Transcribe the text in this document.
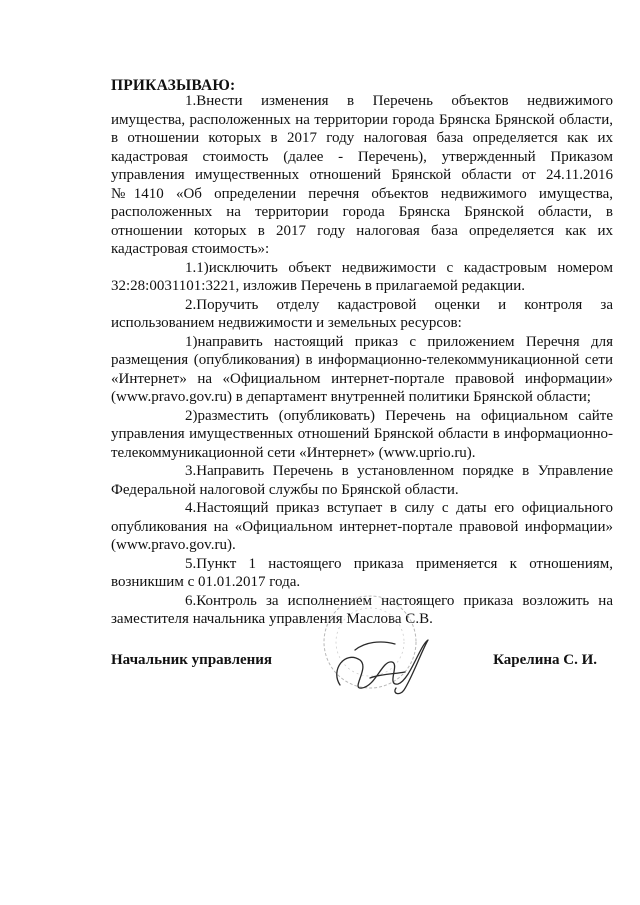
ПРИКАЗЫВАЮ:

1.Внести изменения в Перечень объектов недвижимого имущества, расположенных на территории города Брянска Брянской области, в отношении которых в 2017 году налоговая база определяется как их кадастровая стоимость (далее - Перечень), утвержденный Приказом управления имущественных отношений Брянской области от 24.11.2016 №1410 «Об определении перечня объектов недвижимого имущества, расположенных на территории города Брянска Брянской области, в отношении которых в 2017 году налоговая база определяется как их кадастровая стоимость»:

1.1)исключить объект недвижимости с кадастровым номером 32:28:0031101:3221, изложив Перечень в прилагаемой редакции.

2.Поручить отделу кадастровой оценки и контроля за использованием недвижимости и земельных ресурсов:

1)направить настоящий приказ с приложением Перечня для размещения (опубликования) в информационно-телекоммуникационной сети «Интернет» на «Официальном интернет-портале правовой информации» (www.pravo.gov.ru) в департамент внутренней политики Брянской области;

2)разместить (опубликовать) Перечень на официальном сайте управления имущественных отношений Брянской области в информационно-телекоммуникационной сети «Интернет» (www.uprio.ru).

3.Направить Перечень в установленном порядке в Управление Федеральной налоговой службы по Брянской области.

4.Настоящий приказ вступает в силу с даты его официального опубликования на «Официальном интернет-портале правовой информации» (www.pravo.gov.ru).

5.Пункт 1 настоящего приказа применяется к отношениям, возникшим с 01.01.2017 года.

6.Контроль за исполнением настоящего приказа возложить на заместителя начальника управления Маслова С.В.

Начальник управления	Карелина С. И.
